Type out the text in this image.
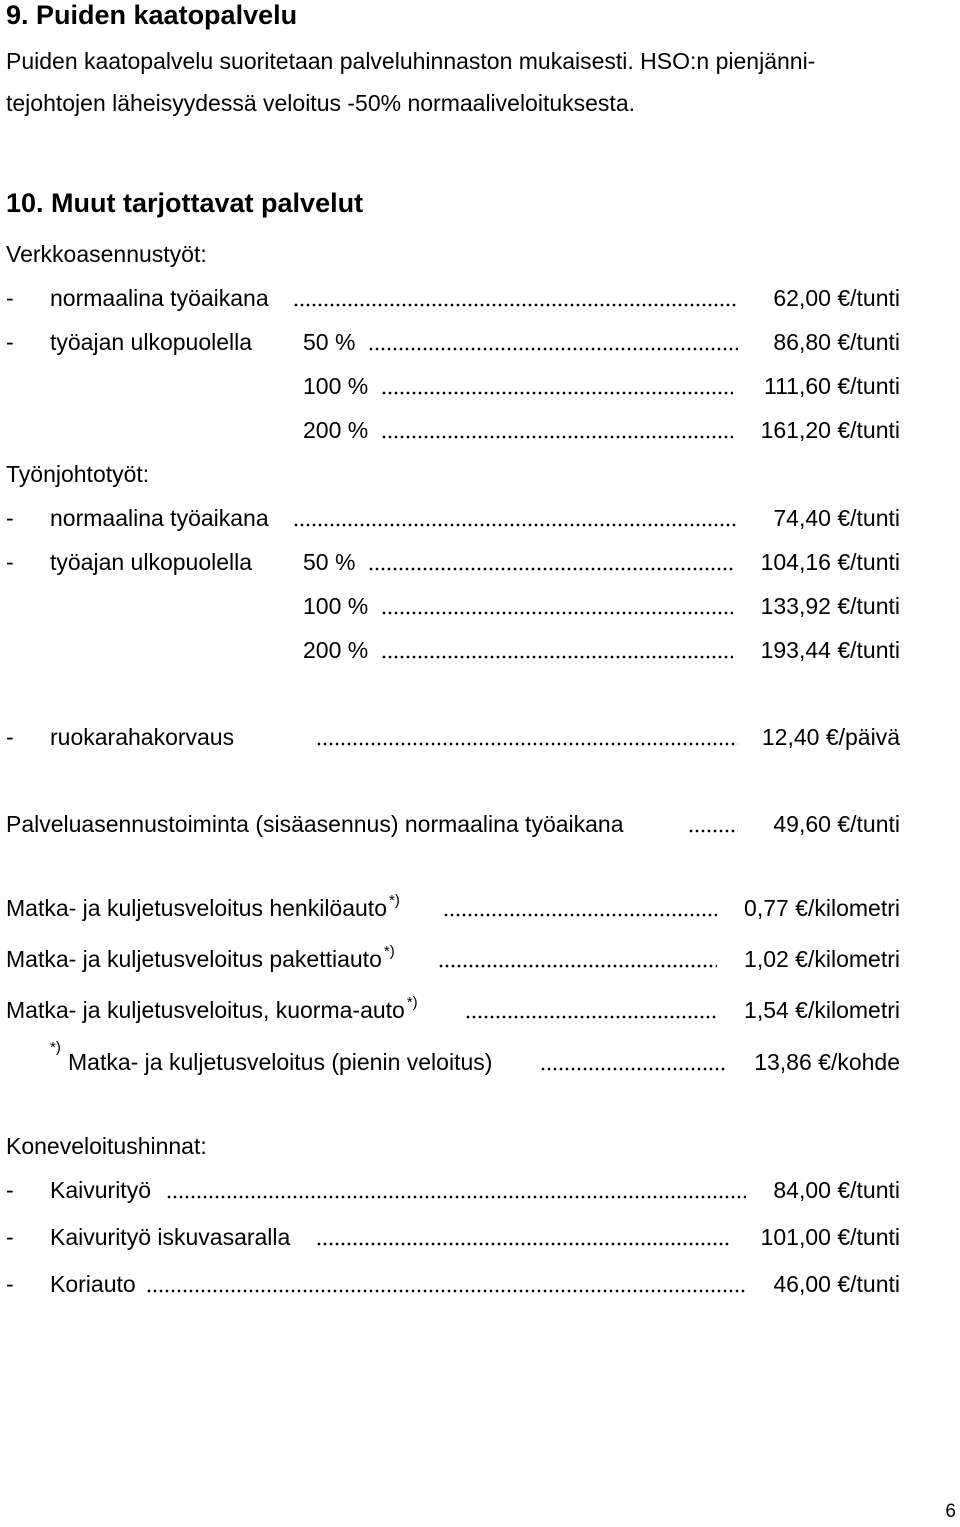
9. Puiden kaatopalvelu
Puiden kaatopalvelu suoritetaan palveluhinnaston mukaisesti. HSO:n pienjänni-
tejohtojen läheisyydessä veloitus -50% normaaliveloituksesta.
10. Muut tarjottavat palvelut
Verkkoasennustyöt:
- normaalina työaikana	62,00 €/tunti
- työajan ulkopuolella 50 %	86,80 €/tunti
100 %	111,60 €/tunti
200 %	161,20 €/tunti
Työnjohtotyöt:
- normaalina työaikana	74,40 €/tunti
- työajan ulkopuolella 50 %	104,16 €/tunti
100 %	133,92 €/tunti
200 %	193,44 €/tunti
- ruokarahakorvaus	12,40 €/päivä
Palveluasennustoiminta (sisäasennus) normaalina työaikana	49,60 €/tunti
Matka- ja kuljetusveloitus henkilöauto *)	0,77 €/kilometri
Matka- ja kuljetusveloitus pakettiauto *)	1,02 €/kilometri
Matka- ja kuljetusveloitus, kuorma-auto *)	1,54 €/kilometri
*)
Matka- ja kuljetusveloitus (pienin veloitus)	13,86 €/kohde
Koneveloitushinnat:
- Kaivurityö	84,00 €/tunti
- Kaivurityö iskuvasaralla	101,00 €/tunti
- Koriauto	46,00 €/tunti
6
